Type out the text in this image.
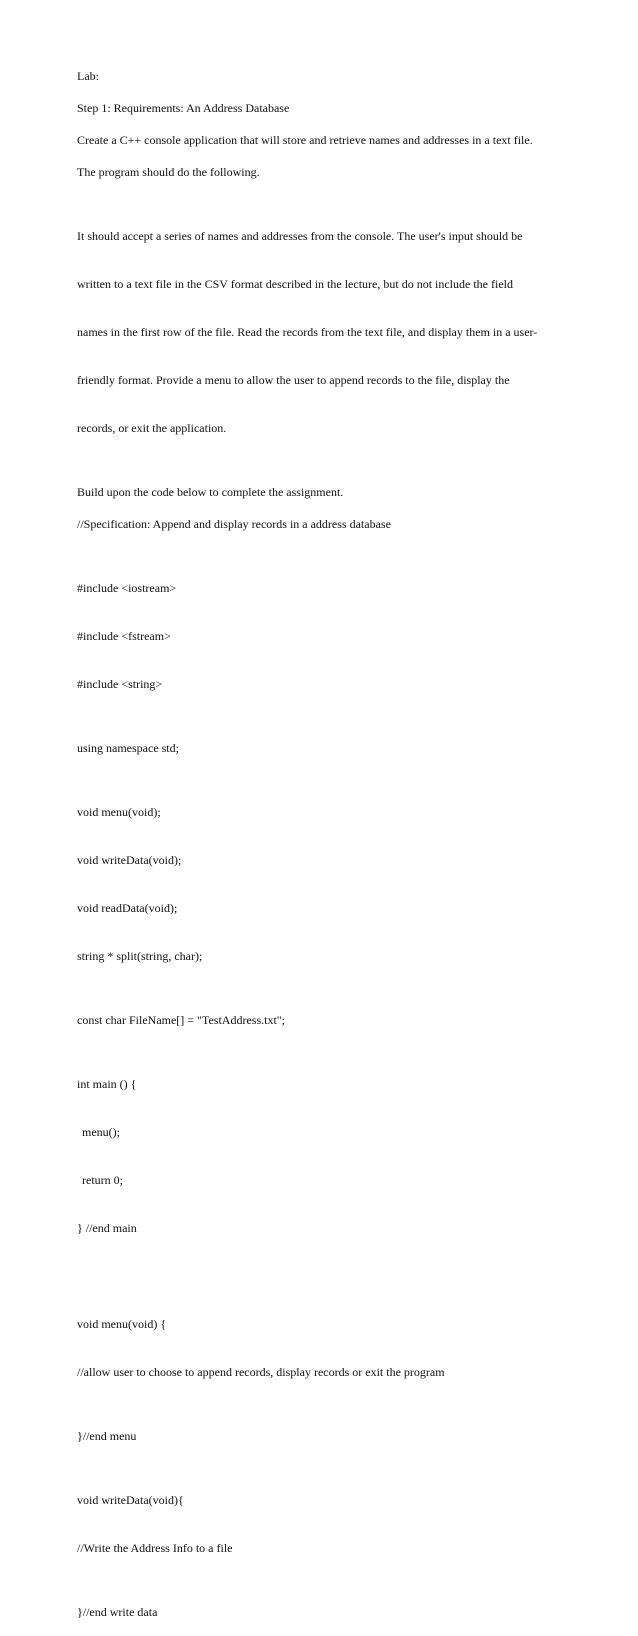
Lab:

Step 1: Requirements: An Address Database

Create a C++ console application that will store and retrieve names and addresses in a text file.

The program should do the following.

It should accept a series of names and addresses from the console. The user's input should be

written to a text file in the CSV format described in the lecture, but do not include the field

names in the first row of the file. Read the records from the text file, and display them in a user-

friendly format. Provide a menu to allow the user to append records to the file, display the

records, or exit the application.

Build upon the code below to complete the assignment.

//Specification: Append and display records in a address database

#include <iostream>

#include <fstream>

#include <string>

using namespace std;

void menu(void);

void writeData(void);

void readData(void);

string * split(string, char);

const char FileName[] = "TestAddress.txt";

int main () {

menu();

return 0;

} //end main

void menu(void) {

//allow user to choose to append records, display records or exit the program

}//end menu

void writeData(void){

//Write the Address Info to a file

}//end write data
